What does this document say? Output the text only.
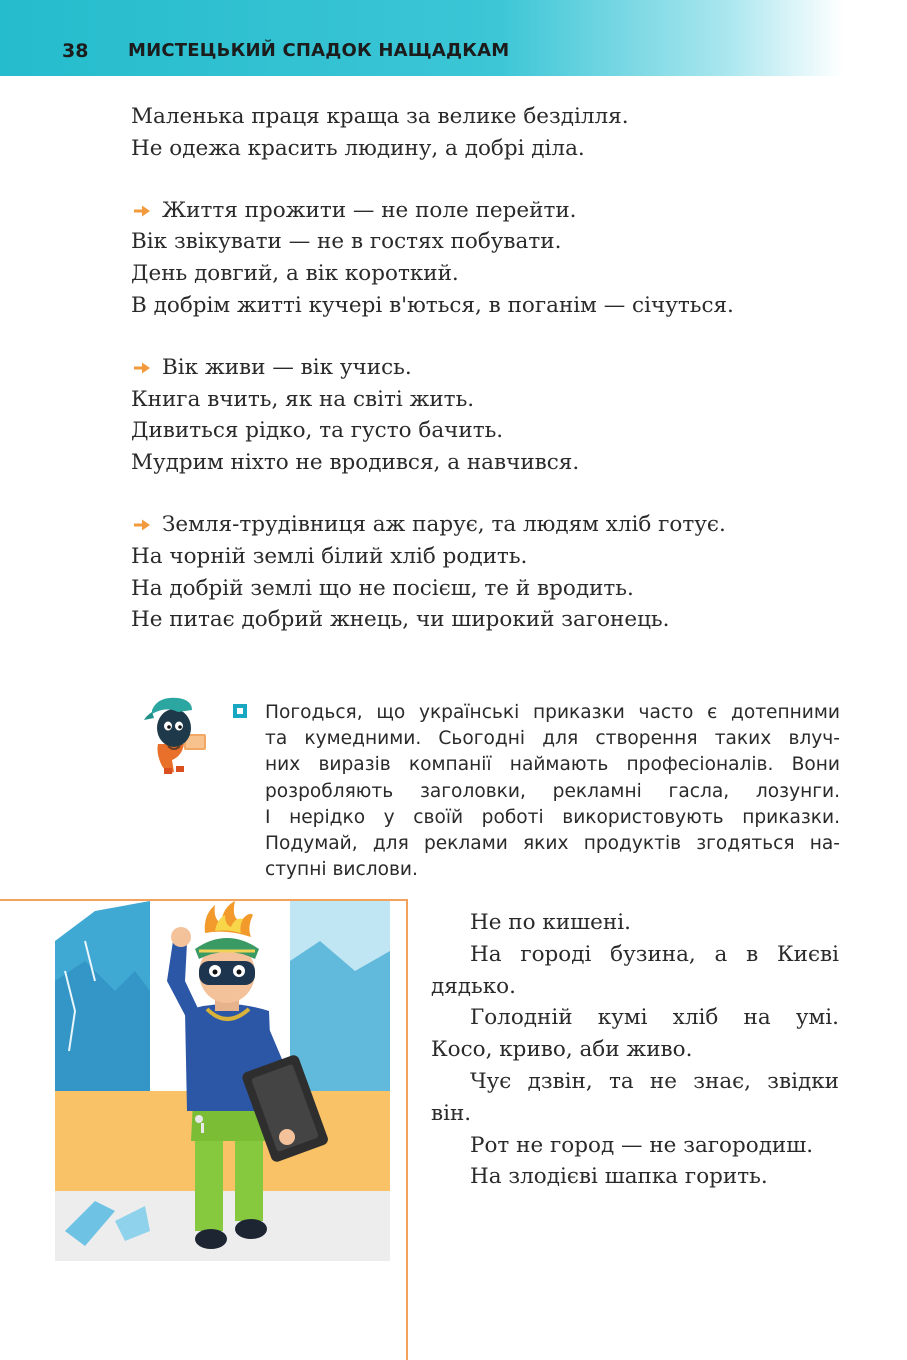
38 МИСТЕЦЬКИЙ СПАДОК НАЩАДКАМ
Маленька праця краща за велике безділля.
Не одежа красить людину, а добрі діла.
Життя прожити — не поле перейти.
Вік звікувати — не в гостях побувати.
День довгий, а вік короткий.
В добрім житті кучері в'ються, в поганім — січуться.
Вік живи — вік учись.
Книга вчить, як на світі жить.
Дивиться рідко, та густо бачить.
Мудрим ніхто не вродився, а навчився.
Земля-трудівниця аж парує, та людям хліб готує.
На чорній землі білий хліб родить.
На добрій землі що не посієш, те й вродить.
Не питає добрий жнець, чи широкий загонець.
Погодься, що українські приказки часто є дотепними
та кумедними. Сьогодні для створення таких влуч-
них виразів компанії наймають професіоналів. Вони
розробляють заголовки, рекламні гасла, лозунги.
І нерідко у своїй роботі використовують приказки.
Подумай, для реклами яких продуктів згодяться на-
ступні вислови.
Не по кишені.
На городі бузина, а в Києві
дядько.
Голодній кумі хліб на умі.
Косо, криво, аби живо.
Чує дзвін, та не знає, звідки
він.
Рот не город — не загородиш.
На злодієві шапка горить.
